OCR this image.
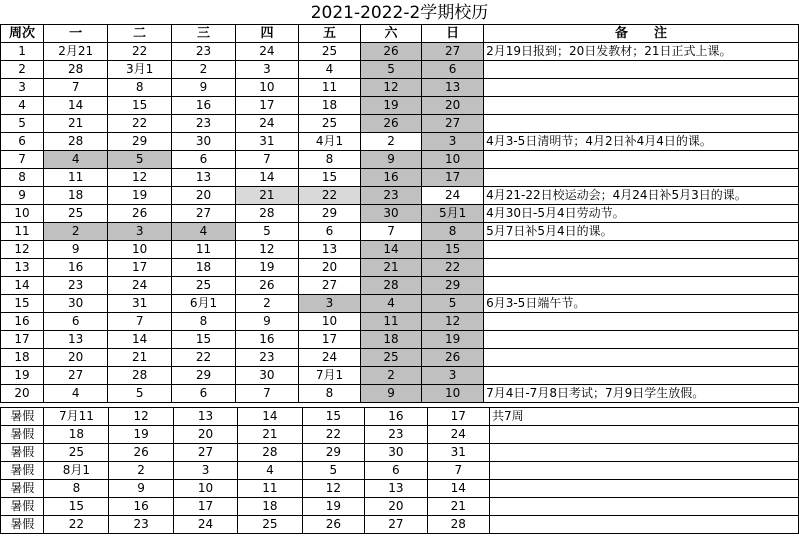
2021-2022-2学期校历
周次	一	二	三	四	五	六	日	备　　注
1	2月21	22	23	24	25	26	27	2月19日报到；20日发教材；21日正式上课。
2	28	3月1	2	3	4	5	6	
3	7	8	9	10	11	12	13	
4	14	15	16	17	18	19	20	
5	21	22	23	24	25	26	27	
6	28	29	30	31	4月1	2	3	4月3-5日清明节；4月2日补4月4日的课。
7	4	5	6	7	8	9	10	
8	11	12	13	14	15	16	17	
9	18	19	20	21	22	23	24	4月21-22日校运动会；4月24日补5月3日的课。
10	25	26	27	28	29	30	5月1	4月30日-5月4日劳动节。
11	2	3	4	5	6	7	8	5月7日补5月4日的课。
12	9	10	11	12	13	14	15	
13	16	17	18	19	20	21	22	
14	23	24	25	26	27	28	29	
15	30	31	6月1	2	3	4	5	6月3-5日端午节。
16	6	7	8	9	10	11	12	
17	13	14	15	16	17	18	19	
18	20	21	22	23	24	25	26	
19	27	28	29	30	7月1	2	3	
20	4	5	6	7	8	9	10	7月4日-7月8日考试；7月9日学生放假。
暑假	7月11	12	13	14	15	16	17	共7周
暑假	18	19	20	21	22	23	24	
暑假	25	26	27	28	29	30	31	
暑假	8月1	2	3	4	5	6	7	
暑假	8	9	10	11	12	13	14	
暑假	15	16	17	18	19	20	21	
暑假	22	23	24	25	26	27	28	
